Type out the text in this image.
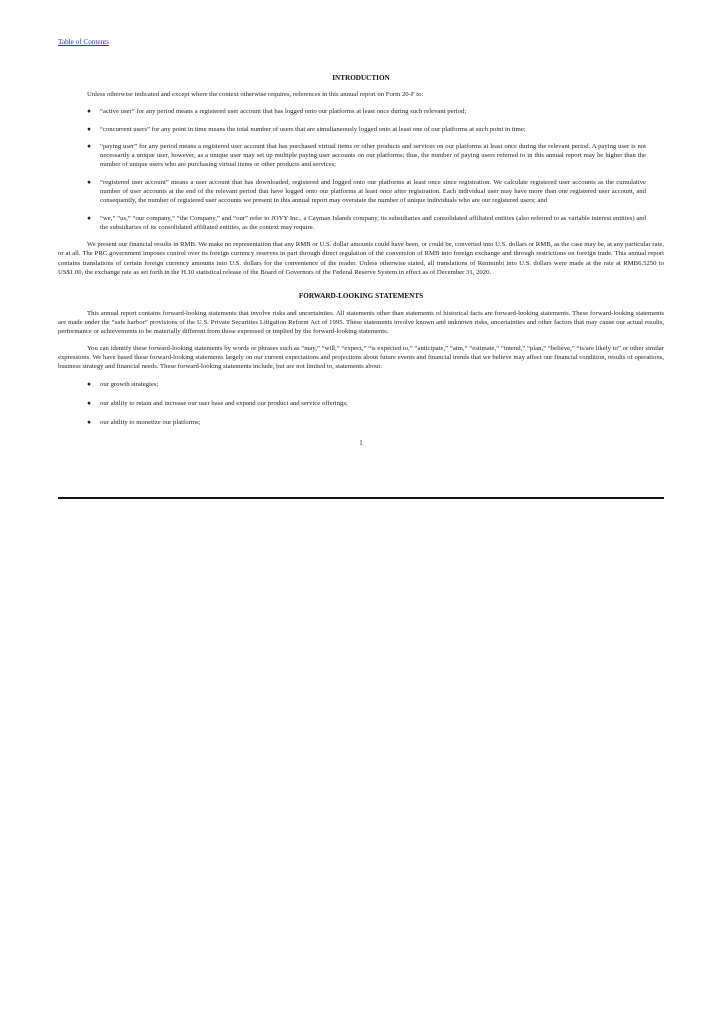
Table of Contents
INTRODUCTION

Unless otherwise indicated and except where the context otherwise requires, references in this annual report on Form 20-F to:

● “active user” for any period means a registered user account that has logged onto our platforms at least once during such relevant period;
● “concurrent users” for any point in time means the total number of users that are simultaneously logged onto at least one of our platforms at such point in time;
● “paying user” for any period means a registered user account that has purchased virtual items or other products and services on our platforms at least once during the relevant period. A paying user is not necessarily a unique user, however, as a unique user may set up multiple paying user accounts on our platforms; thus, the number of paying users referred to in this annual report may be higher than the number of unique users who are purchasing virtual items or other products and services;
● “registered user account” means a user account that has downloaded, registered and logged onto our platforms at least once since registration. We calculate registered user accounts as the cumulative number of user accounts at the end of the relevant period that have logged onto our platforms at least once after registration. Each individual user may have more than one registered user account, and consequently, the number of registered user accounts we present in this annual report may overstate the number of unique individuals who are our registered users; and
● “we,” “us,” “our company,” “the Company,” and “our” refer to JOYY Inc., a Cayman Islands company, its subsidiaries and consolidated affiliated entities (also referred to as variable interest entities) and the subsidiaries of its consolidated affiliated entities, as the context may require.

We present our financial results in RMB. We make no representation that any RMB or U.S. dollar amounts could have been, or could be, converted into U.S. dollars or RMB, as the case may be, at any particular rate, or at all. The PRC government imposes control over its foreign currency reserves in part through direct regulation of the conversion of RMB into foreign exchange and through restrictions on foreign trade. This annual report contains translations of certain foreign currency amounts into U.S. dollars for the convenience of the reader. Unless otherwise stated, all translations of Renminbi into U.S. dollars were made at the rate at RMB6.5250 to US$1.00, the exchange rate as set forth in the H.10 statistical release of the Board of Governors of the Federal Reserve System in effect as of December 31, 2020.

FORWARD-LOOKING STATEMENTS

This annual report contains forward-looking statements that involve risks and uncertainties. All statements other than statements of historical facts are forward-looking statements. These forward-looking statements are made under the “safe harbor” provisions of the U.S. Private Securities Litigation Reform Act of 1995. These statements involve known and unknown risks, uncertainties and other factors that may cause our actual results, performance or achievements to be materially different from those expressed or implied by the forward-looking statements.

You can identify these forward-looking statements by words or phrases such as “may,” “will,” “expect,” “is expected to,” “anticipate,” “aim,” “estimate,” “intend,” “plan,” “believe,” “is/are likely to” or other similar expressions. We have based these forward-looking statements largely on our current expectations and projections about future events and financial trends that we believe may affect our financial condition, results of operations, business strategy and financial needs. These forward-looking statements include, but are not limited to, statements about:

● our growth strategies;
● our ability to retain and increase our user base and expand our product and service offerings;
● our ability to monetize our platforms;
1
